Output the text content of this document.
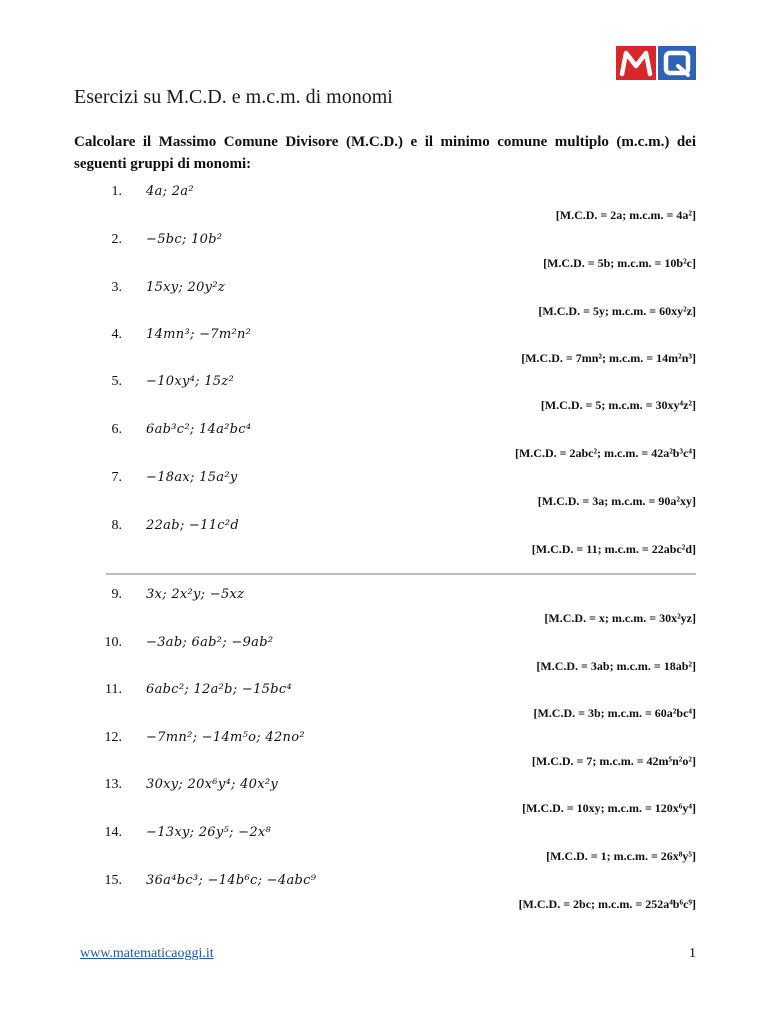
Esercizi su M.C.D. e m.c.m. di monomi
Calcolare il Massimo Comune Divisore (M.C.D.) e il minimo comune multiplo (m.c.m.) dei seguenti gruppi di monomi:
1. 4a; 2a²
[M.C.D. = 2a; m.c.m. = 4a²]
2. −5bc; 10b²
[M.C.D. = 5b; m.c.m. = 10b²c]
3. 15xy; 20y²z
[M.C.D. = 5y; m.c.m. = 60xy²z]
4. 14mn³; −7m²n²
[M.C.D. = 7mn²; m.c.m. = 14m²n³]
5. −10xy⁴; 15z²
[M.C.D. = 5; m.c.m. = 30xy⁴z²]
6. 6ab³c²; 14a²bc⁴
[M.C.D. = 2abc²; m.c.m. = 42a²b³c⁴]
7. −18ax; 15a²y
[M.C.D. = 3a; m.c.m. = 90a²xy]
8. 22ab; −11c²d
[M.C.D. = 11; m.c.m. = 22abc²d]
9. 3x; 2x²y; −5xz
[M.C.D. = x; m.c.m. = 30x²yz]
10. −3ab; 6ab²; −9ab²
[M.C.D. = 3ab; m.c.m. = 18ab²]
11. 6abc²; 12a²b; −15bc⁴
[M.C.D. = 3b; m.c.m. = 60a²bc⁴]
12. −7mn²; −14m⁵o; 42no²
[M.C.D. = 7; m.c.m. = 42m⁵n²o²]
13. 30xy; 20x⁶y⁴; 40x²y
[M.C.D. = 10xy; m.c.m. = 120x⁶y⁴]
14. −13xy; 26y⁵; −2x⁸
[M.C.D. = 1; m.c.m. = 26x⁸y⁵]
15. 36a⁴bc³; −14b⁶c; −4abc⁹
[M.C.D. = 2bc; m.c.m. = 252a⁴b⁶c⁹]
www.matematicaoggi.it	1
